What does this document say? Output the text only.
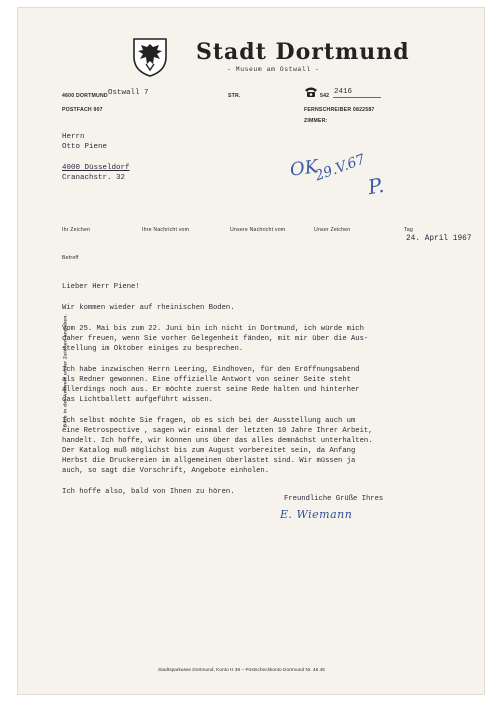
Stadt Dortmund
- Museum am Ostwall -
4600 DORTMUND Ostwall 7	STR.
POSTFACH 907
542 2416
FERNSCHREIBER 0822587
ZIMMER:
Herrn
Otto Piene
4000 Düsseldorf
Cranachstr. 32	OK
29.V.67
P.
Ihr Zeichen	Ihre Nachricht vom	Unsere Nachricht vom	Unser Zeichen	Tag
24. April 1967
Betreff
Bitte in der Antwort unser Zeichen angeben.

Lieber Herr Piene!

Wir kommen wieder auf rheinischen Boden.

Vom 25. Mai bis zum 22. Juni bin ich nicht in Dortmund, ich würde mich
daher freuen, wenn Sie vorher Gelegenheit fänden, mit mir über die Aus-
stellung im Oktober einiges zu besprechen.

Ich habe inzwischen Herrn Leering, Eindhoven, für den Eröffnungsabend
als Redner gewonnen. Eine offizielle Antwort von seiner Seite steht
allerdings noch aus. Er möchte zuerst seine Rede halten und hinterher
das Lichtballett aufgeführt wissen.

Ich selbst möchte Sie fragen, ob es sich bei der Ausstellung auch um
eine Retrospective , sagen wir einmal der letzten 10 Jahre Ihrer Arbeit,
handelt. Ich hoffe, wir können uns über das alles demnächst unterhalten.
Der Katalog muß möglichst bis zum August vorbereitet sein, da Anfang
Herbst die Druckereien im allgemeinen überlastet sind. Wir müssen ja
auch, so sagt die Vorschrift, Angebote einholen.

Ich hoffe also, bald von Ihnen zu hören.

Freundliche Grüße Ihres
E. Wiemann
Stadtsparkasse Dortmund, Konto H 36 – Postscheckkonto Dortmund Nr. 46 45
